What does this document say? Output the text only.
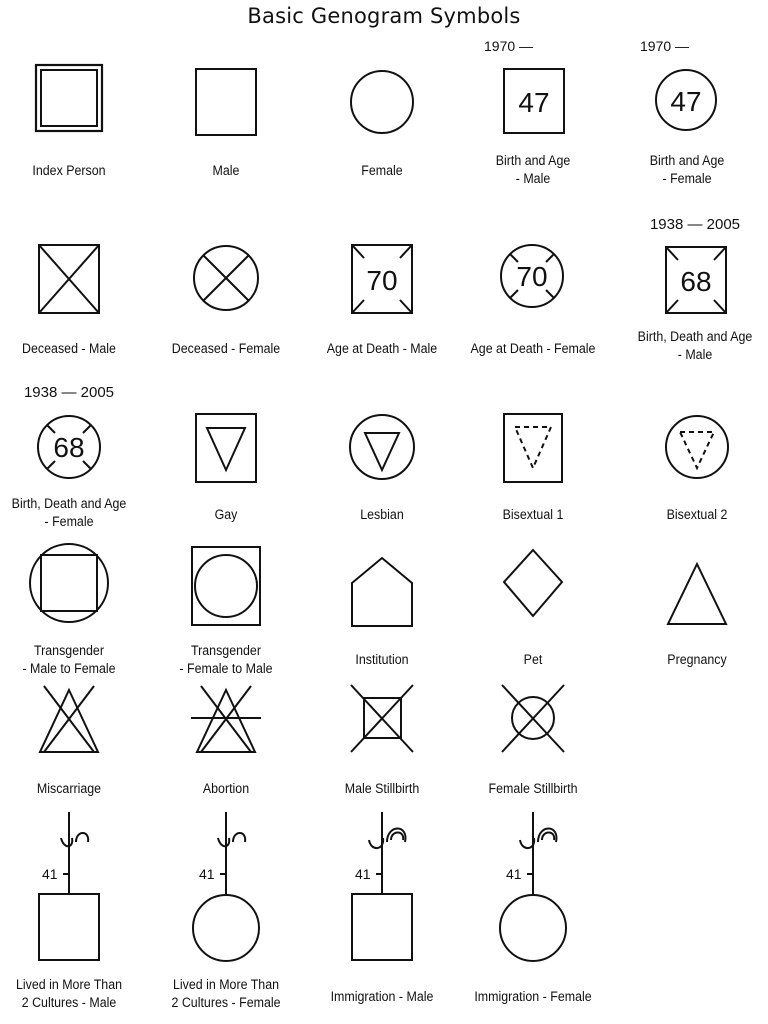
Basic Genogram Symbols
Index Person	Male	Female
1970 —
47
Birth and Age
- Male
1970 —
47
Birth and Age
- Female
Deceased - Male	Deceased - Female
70
Age at Death - Male
70
Age at Death - Female
1938 — 2005
68
Birth, Death and Age
- Male
1938 — 2005
68
Birth, Death and Age
- Female	Gay	Lesbian	Bisextual 1	Bisextual 2
Transgender
- Male to Female
Transgender
- Female to Male
Institution	Pet	Pregnancy
Miscarriage	Abortion	Male Stillbirth	Female Stillbirth
41
Lived in More Than
2 Cultures - Male
41
Lived in More Than
2 Cultures - Female
41
Immigration - Male
41
Immigration - Female
